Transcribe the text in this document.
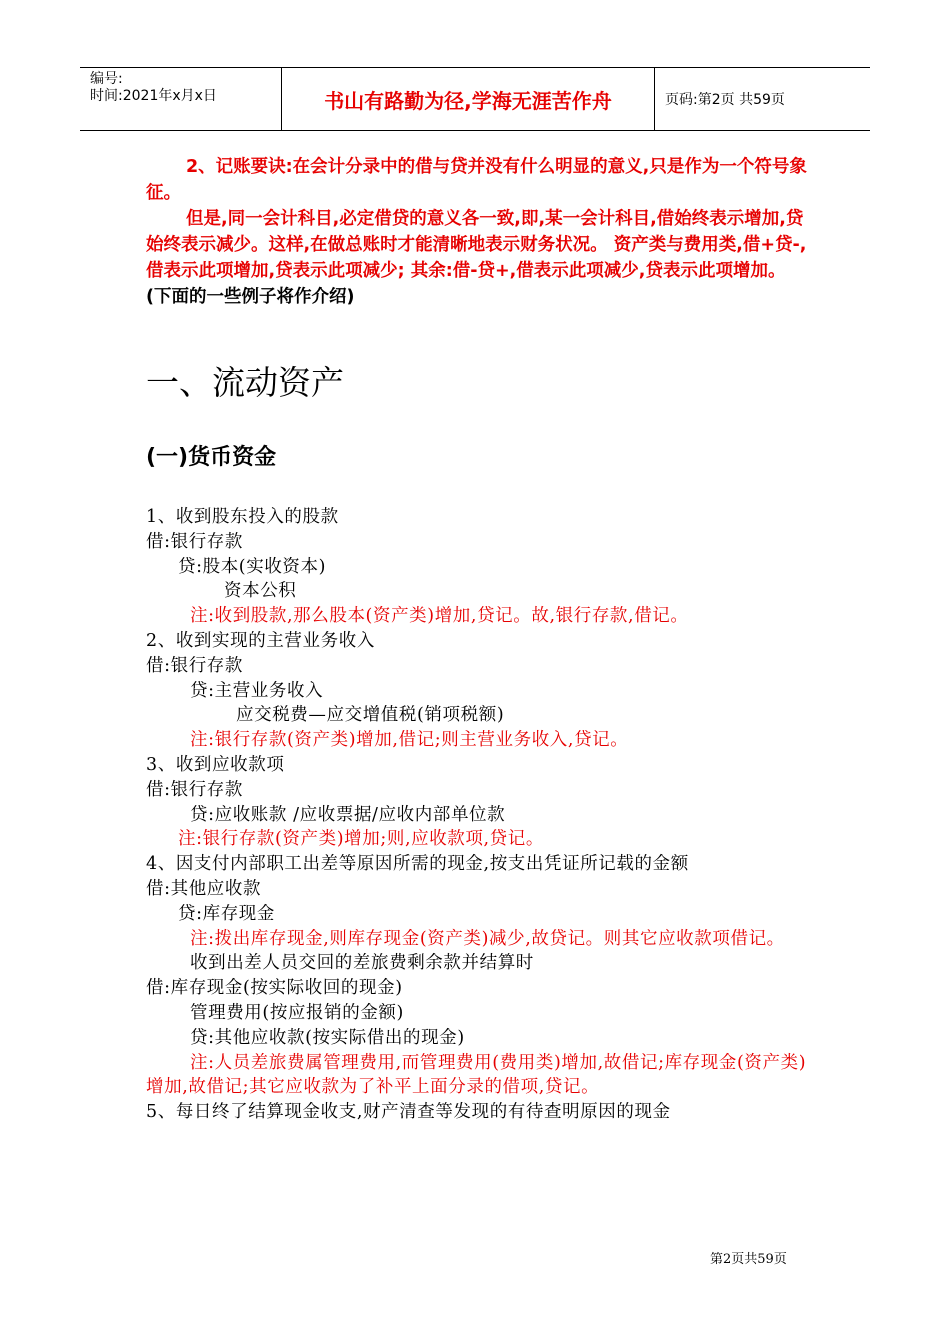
编号:
时间:2021年x月x日	书山有路勤为径,学海无涯苦作舟	页码:第2页 共59页
2、记账要诀:在会计分录中的借与贷并没有什么明显的意义,只是作为一个符号象征。
但是,同一会计科目,必定借贷的意义各一致,即,某一会计科目,借始终表示增加,贷始终表示减少。这样,在做总账时才能清晰地表示财务状况。 资产类与费用类,借+贷-,借表示此项增加,贷表示此项减少; 其余:借-贷+,借表示此项减少,贷表示此项增加。 (下面的一些例子将作介绍)
一、流动资产
(一)货币资金
1、收到股东投入的股款
借:银行存款
贷:股本(实收资本)
资本公积
注:收到股款,那么股本(资产类)增加,贷记。故,银行存款,借记。
2、收到实现的主营业务收入
借:银行存款
贷:主营业务收入
应交税费—应交增值税(销项税额)
注:银行存款(资产类)增加,借记;则主营业务收入,贷记。
3、收到应收款项
借:银行存款
贷:应收账款 /应收票据/应收内部单位款
注:银行存款(资产类)增加;则,应收款项,贷记。
4、因支付内部职工出差等原因所需的现金,按支出凭证所记载的金额
借:其他应收款
贷:库存现金
注:拨出库存现金,则库存现金(资产类)减少,故贷记。则其它应收款项借记。
收到出差人员交回的差旅费剩余款并结算时
借:库存现金(按实际收回的现金)
管理费用(按应报销的金额)
贷:其他应收款(按实际借出的现金)
注:人员差旅费属管理费用,而管理费用(费用类)增加,故借记;库存现金(资产类)增加,故借记;其它应收款为了补平上面分录的借项,贷记。
5、每日终了结算现金收支,财产清查等发现的有待查明原因的现金
第2页共59页
